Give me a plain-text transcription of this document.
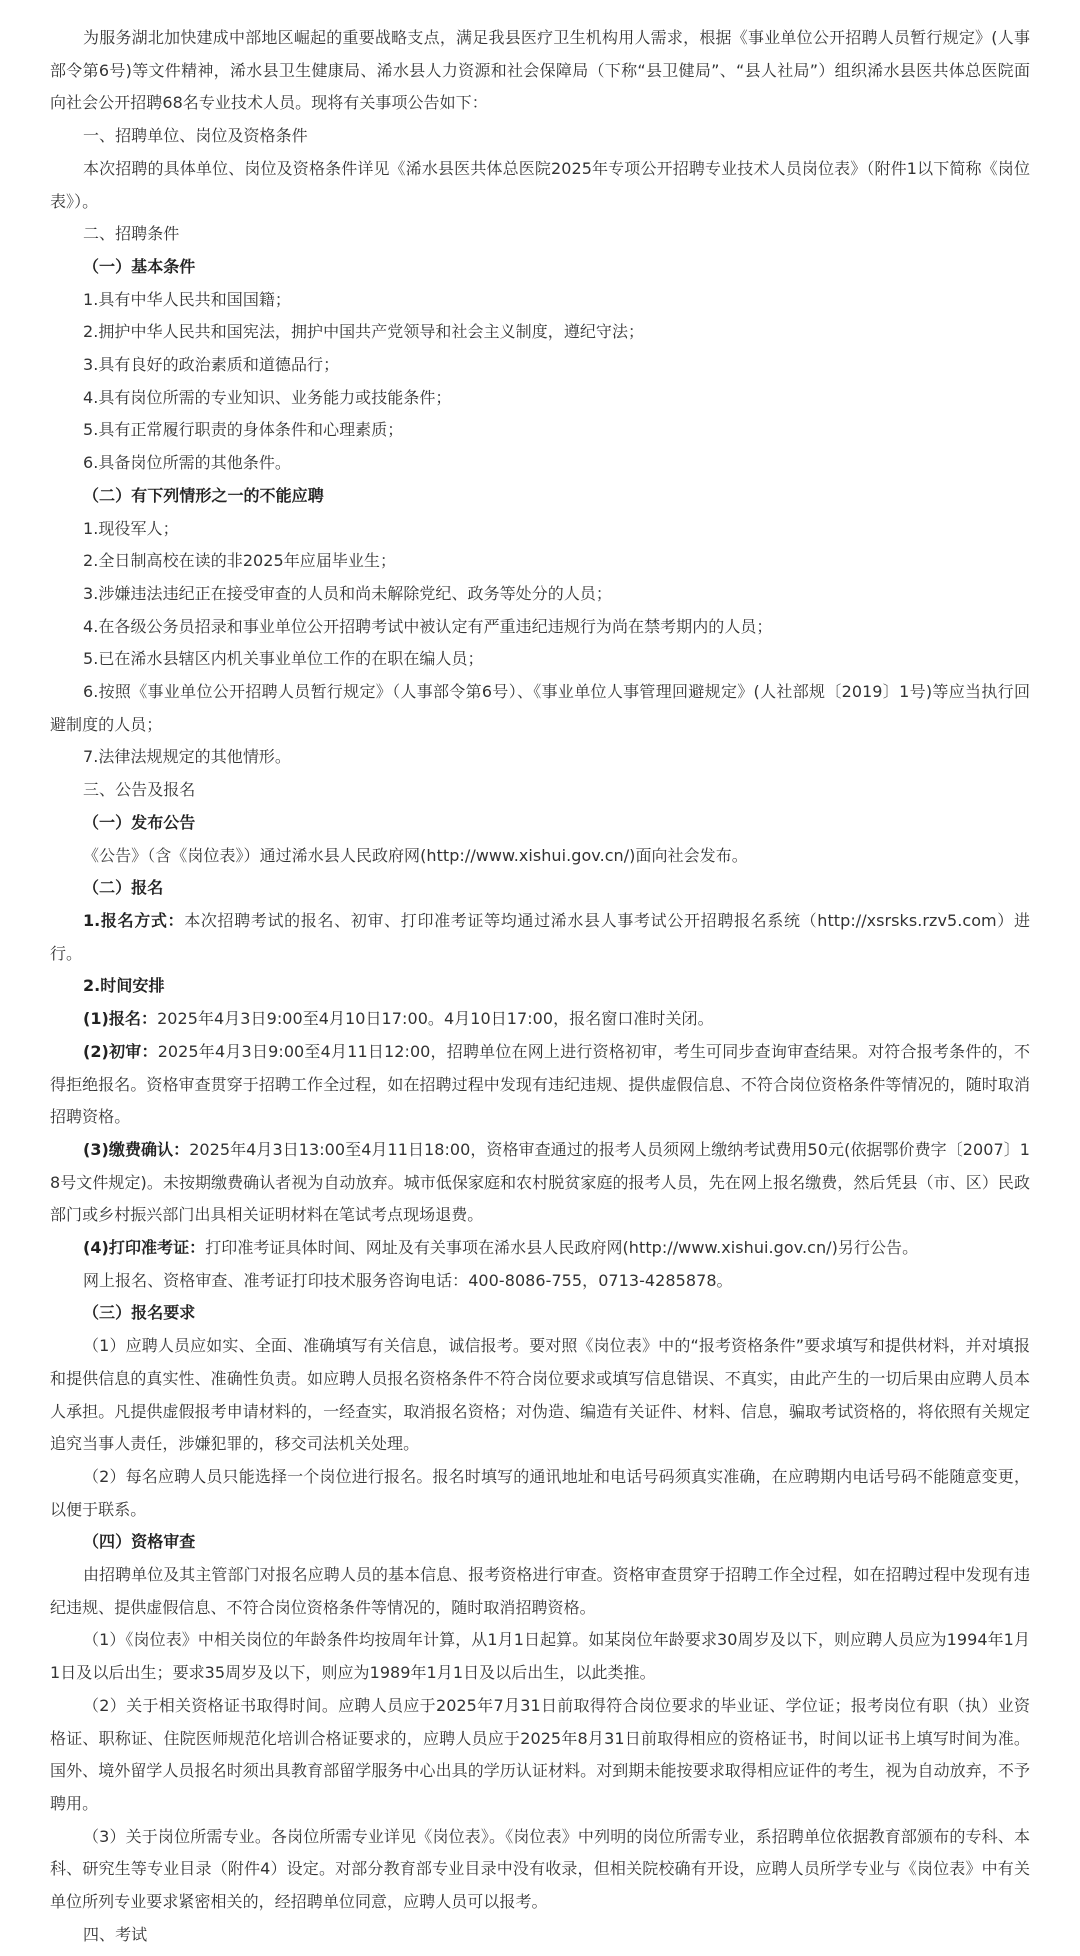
为服务湖北加快建成中部地区崛起的重要战略支点，满足我县医疗卫生机构用人需求，根据《事业单位公开招聘人员暂行规定》(人事部令第6号)等文件精神，浠水县卫生健康局、浠水县人力资源和社会保障局（下称“县卫健局”、“县人社局”）组织浠水县医共体总医院面向社会公开招聘68名专业技术人员。现将有关事项公告如下：

一、招聘单位、岗位及资格条件

本次招聘的具体单位、岗位及资格条件详见《浠水县医共体总医院2025年专项公开招聘专业技术人员岗位表》（附件1以下简称《岗位表》）。

二、招聘条件

（一）基本条件

1.具有中华人民共和国国籍；

2.拥护中华人民共和国宪法，拥护中国共产党领导和社会主义制度，遵纪守法；

3.具有良好的政治素质和道德品行；

4.具有岗位所需的专业知识、业务能力或技能条件；

5.具有正常履行职责的身体条件和心理素质；

6.具备岗位所需的其他条件。

（二）有下列情形之一的不能应聘

1.现役军人；

2.全日制高校在读的非2025年应届毕业生；

3.涉嫌违法违纪正在接受审查的人员和尚未解除党纪、政务等处分的人员；

4.在各级公务员招录和事业单位公开招聘考试中被认定有严重违纪违规行为尚在禁考期内的人员；

5.已在浠水县辖区内机关事业单位工作的在职在编人员；

6.按照《事业单位公开招聘人员暂行规定》（人事部令第6号）、《事业单位人事管理回避规定》(人社部规〔2019〕1号)等应当执行回避制度的人员；

7.法律法规规定的其他情形。

三、公告及报名

（一）发布公告

《公告》（含《岗位表》）通过浠水县人民政府网(http://www.xishui.gov.cn/)面向社会发布。

（二）报名

1.报名方式：本次招聘考试的报名、初审、打印准考证等均通过浠水县人事考试公开招聘报名系统（http://xsrsks.rzv5.com）进行。

2.时间安排

(1)报名：2025年4月3日9:00至4月10日17:00。4月10日17:00，报名窗口准时关闭。

(2)初审：2025年4月3日9:00至4月11日12:00，招聘单位在网上进行资格初审，考生可同步查询审查结果。对符合报考条件的，不得拒绝报名。资格审查贯穿于招聘工作全过程，如在招聘过程中发现有违纪违规、提供虚假信息、不符合岗位资格条件等情况的，随时取消招聘资格。

(3)缴费确认：2025年4月3日13:00至4月11日18:00，资格审查通过的报考人员须网上缴纳考试费用50元(依据鄂价费字〔2007〕18号文件规定)。未按期缴费确认者视为自动放弃。城市低保家庭和农村脱贫家庭的报考人员，先在网上报名缴费，然后凭县（市、区）民政部门或乡村振兴部门出具相关证明材料在笔试考点现场退费。

(4)打印准考证：打印准考证具体时间、网址及有关事项在浠水县人民政府网(http://www.xishui.gov.cn/)另行公告。

网上报名、资格审查、准考证打印技术服务咨询电话：400-8086-755，0713-4285878。

（三）报名要求

（1）应聘人员应如实、全面、准确填写有关信息，诚信报考。要对照《岗位表》中的“报考资格条件”要求填写和提供材料，并对填报和提供信息的真实性、准确性负责。如应聘人员报名资格条件不符合岗位要求或填写信息错误、不真实，由此产生的一切后果由应聘人员本人承担。凡提供虚假报考申请材料的，一经查实，取消报名资格；对伪造、编造有关证件、材料、信息，骗取考试资格的，将依照有关规定追究当事人责任，涉嫌犯罪的，移交司法机关处理。

（2）每名应聘人员只能选择一个岗位进行报名。报名时填写的通讯地址和电话号码须真实准确，在应聘期内电话号码不能随意变更，以便于联系。

（四）资格审查

由招聘单位及其主管部门对报名应聘人员的基本信息、报考资格进行审查。资格审查贯穿于招聘工作全过程，如在招聘过程中发现有违纪违规、提供虚假信息、不符合岗位资格条件等情况的，随时取消招聘资格。

（1）《岗位表》中相关岗位的年龄条件均按周年计算，从1月1日起算。如某岗位年龄要求30周岁及以下，则应聘人员应为1994年1月1日及以后出生；要求35周岁及以下，则应为1989年1月1日及以后出生，以此类推。

（2）关于相关资格证书取得时间。应聘人员应于2025年7月31日前取得符合岗位要求的毕业证、学位证；报考岗位有职（执）业资格证、职称证、住院医师规范化培训合格证要求的，应聘人员应于2025年8月31日前取得相应的资格证书，时间以证书上填写时间为准。国外、境外留学人员报名时须出具教育部留学服务中心出具的学历认证材料。对到期未能按要求取得相应证件的考生，视为自动放弃，不予聘用。

（3）关于岗位所需专业。各岗位所需专业详见《岗位表》。《岗位表》中列明的岗位所需专业，系招聘单位依据教育部颁布的专科、本科、研究生等专业目录（附件4）设定。对部分教育部专业目录中没有收录，但相关院校确有开设，应聘人员所学专业与《岗位表》中有关单位所列专业要求紧密相关的，经招聘单位同意，应聘人员可以报考。

四、考试
